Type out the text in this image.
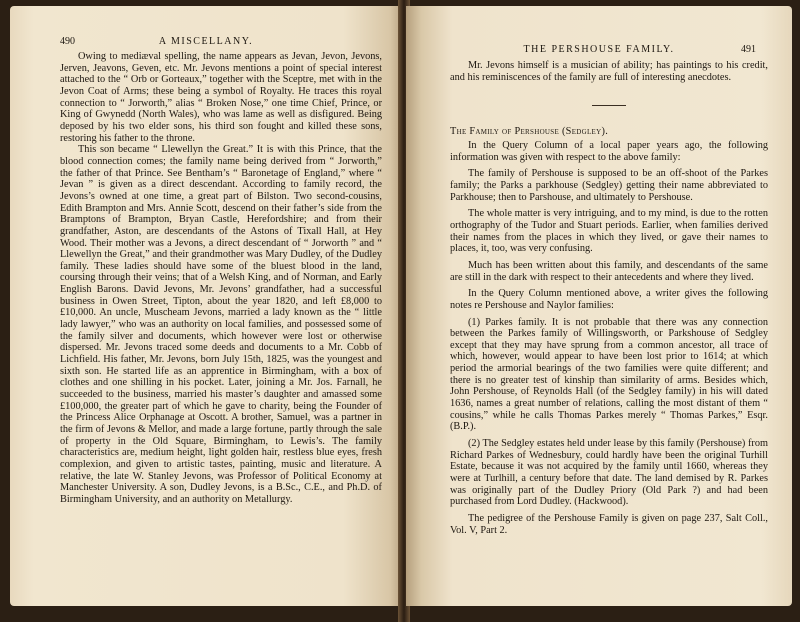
490	A MISCELLANY.

Owing to mediæval spelling, the name appears as Jevan, Jevon, Jevons, Jerven, Jeavons, Geven, etc. Mr. Jevons mentions a point of special interest attached to the “ Orb or Gorteaux,” together with the Sceptre, met with in the Jevon Coat of Arms; these being a symbol of Royalty. He traces this royal connection to “ Jorworth,” alias “ Broken Nose,” one time Chief, Prince, or King of Gwynedd (North Wales), who was lame as well as disfigured. Being deposed by his two elder sons, his third son fought and killed these sons, restoring his father to the throne.

This son became “ Llewellyn the Great.” It is with this Prince, that the blood connection comes; the family name being derived from “ Jorworth,” the father of that Prince. See Bentham’s “ Baronetage of England,” where “ Jevan ” is given as a direct descendant. According to family record, the Jevons’s owned at one time, a great part of Bilston. Two second-cousins, Edith Brampton and Mrs. Annie Scott, descend on their father’s side from the Bramptons of Brampton, Bryan Castle, Herefordshire; and from their grandfather, Aston, are descendants of the Astons of Tixall Hall, at Hey Wood. Their mother was a Jevons, a direct descendant of “ Jorworth ” and “ Llewellyn the Great,” and their grandmother was Mary Dudley, of the Dudley family. These ladies should have some of the bluest blood in the land, coursing through their veins; that of a Welsh King, and of Norman, and Early English Barons. David Jevons, Mr. Jevons’ grandfather, had a successful business in Owen Street, Tipton, about the year 1820, and left £8,000 to £10,000. An uncle, Muscheam Jevons, married a lady known as the “ little lady lawyer,” who was an authority on local families, and possessed some of the family silver and documents, which however were lost or otherwise dispersed. Mr. Jevons traced some deeds and documents to a Mr. Cobb of Lichfield. His father, Mr. Jevons, born July 15th, 1825, was the youngest and sixth son. He started life as an apprentice in Birmingham, with a box of clothes and one shilling in his pocket. Later, joining a Mr. Jos. Farnall, he succeeded to the business, married his master’s daughter and amassed some £100,000, the greater part of which he gave to charity, being the Founder of the Princess Alice Orphanage at Oscott. A brother, Samuel, was a partner in the firm of Jevons & Mellor, and made a large fortune, partly through the sale of property in the Old Square, Birmingham, to Lewis’s. The family characteristics are, medium height, light golden hair, restless blue eyes, fresh complexion, and given to artistic tastes, painting, music and literature. A relative, the late W. Stanley Jevons, was Professor of Political Economy at Manchester University. A son, Dudley Jevons, is a B.Sc., C.E., and Ph.D. of Birmingham University, and an authority on Metallurgy.

THE PERSHOUSE FAMILY.	491

Mr. Jevons himself is a musician of ability; has paintings to his credit, and his reminiscences of the family are full of interesting anecdotes.

The Family of Pershouse (Sedgley).

In the Query Column of a local paper years ago, the following information was given with respect to the above family:

The family of Pershouse is supposed to be an off-shoot of the Parkes family; the Parks a parkhouse (Sedgley) getting their name abbreviated to Parkhouse; then to Parshouse, and ultimately to Pershouse.

The whole matter is very intriguing, and to my mind, is due to the rotten orthography of the Tudor and Stuart periods. Earlier, when families derived their names from the places in which they lived, or gave their names to places, it, too, was very confusing.

Much has been written about this family, and descendants of the same are still in the dark with respect to their antecedents and where they lived.

In the Query Column mentioned above, a writer gives the following notes re Pershouse and Naylor families:

(1) Parkes family. It is not probable that there was any connection between the Parkes family of Willingsworth, or Parkshouse of Sedgley except that they may have sprung from a common ancestor, all trace of which, however, would appear to have been lost prior to 1614; at which period the armorial bearings of the two families were quite different; and there is no greater test of kinship than similarity of arms. Besides which, John Pershouse, of Reynolds Hall (of the Sedgley family) in his will dated 1636, names a great number of relations, calling the most distant of them “ cousins,” while he calls Thomas Parkes merely “ Thomas Parkes,” Esqr. (B.P.).

(2) The Sedgley estates held under lease by this family (Pershouse) from Richard Parkes of Wednesbury, could hardly have been the original Turhill Estate, because it was not acquired by the family until 1660, whereas they were at Turlhill, a century before that date. The land demised by R. Parkes was originally part of the Dudley Priory (Old Park ?) and had been purchased from Lord Dudley. (Hackwood).

The pedigree of the Pershouse Family is given on page 237, Salt Coll., Vol. V, Part 2.
